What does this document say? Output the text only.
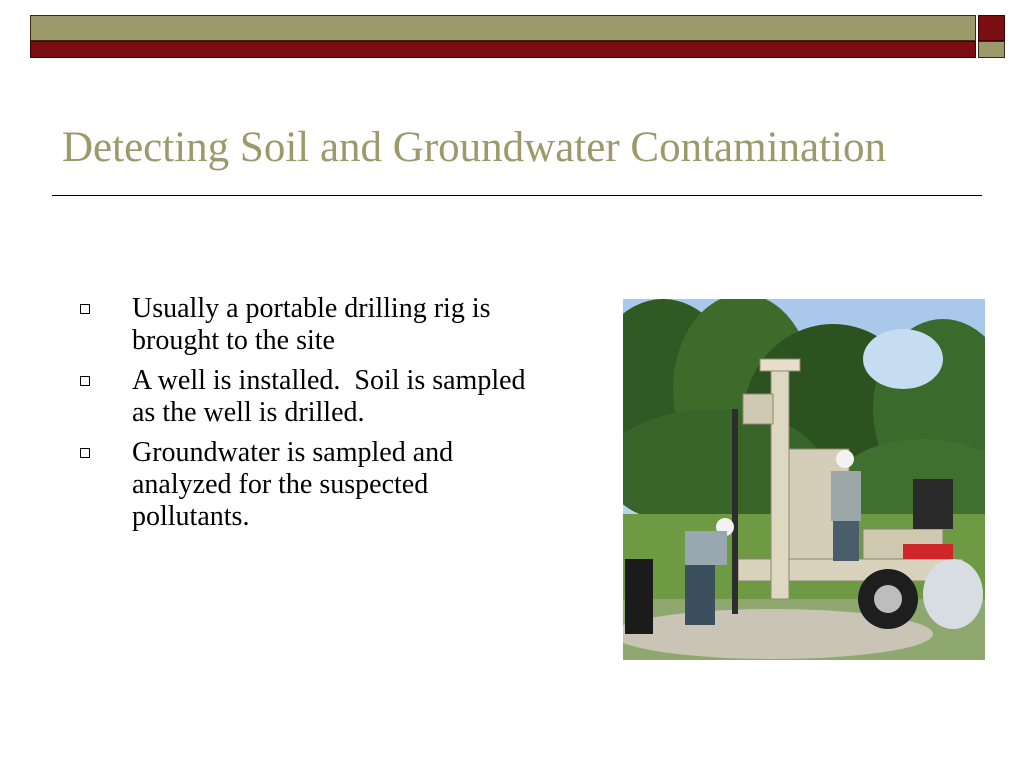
Detecting Soil and Groundwater Contamination
Usually a portable drilling rig is brought to the site
A well is installed.  Soil is sampled as the well is drilled.
Groundwater is sampled and analyzed for the suspected pollutants.
